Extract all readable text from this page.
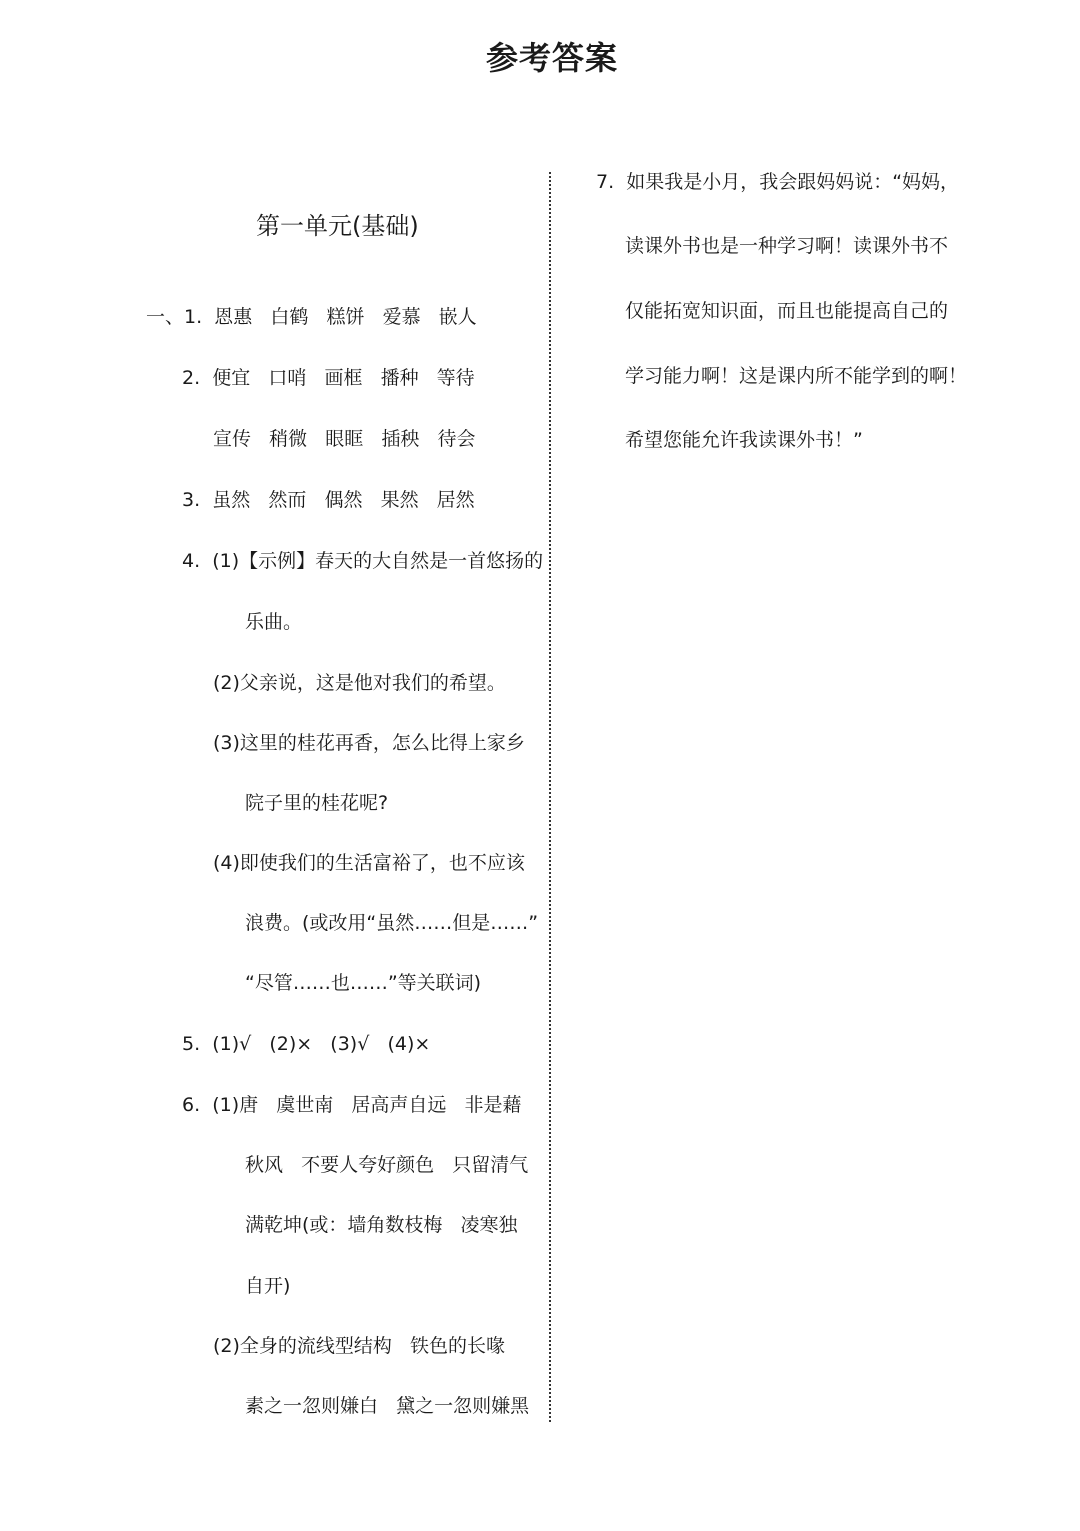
参考答案
第一单元(基础)
一、1.  恩惠   白鹤   糕饼   爱慕   嵌人
2.  便宜   口哨   画框   播种   等待
宣传   稍微   眼眶   插秧   待会
3.  虽然   然而   偶然   果然   居然
4.  (1)【示例】春天的大自然是一首悠扬的
乐曲。
(2)父亲说，这是他对我们的希望。
(3)这里的桂花再香，怎么比得上家乡
院子里的桂花呢?
(4)即使我们的生活富裕了，也不应该
浪费。(或改用“虽然……但是……”
“尽管……也……”等关联词)
5.  (1)√   (2)×   (3)√   (4)×
6.  (1)唐   虞世南   居高声自远   非是藉
秋风   不要人夸好颜色   只留清气
满乾坤(或：墙角数枝梅   凌寒独
自开)
(2)全身的流线型结构   铁色的长喙
素之一忽则嫌白   黛之一忽则嫌黑
7.  如果我是小月，我会跟妈妈说：“妈妈，
读课外书也是一种学习啊！读课外书不
仅能拓宽知识面，而且也能提高自己的
学习能力啊！这是课内所不能学到的啊！
希望您能允许我读课外书！”
